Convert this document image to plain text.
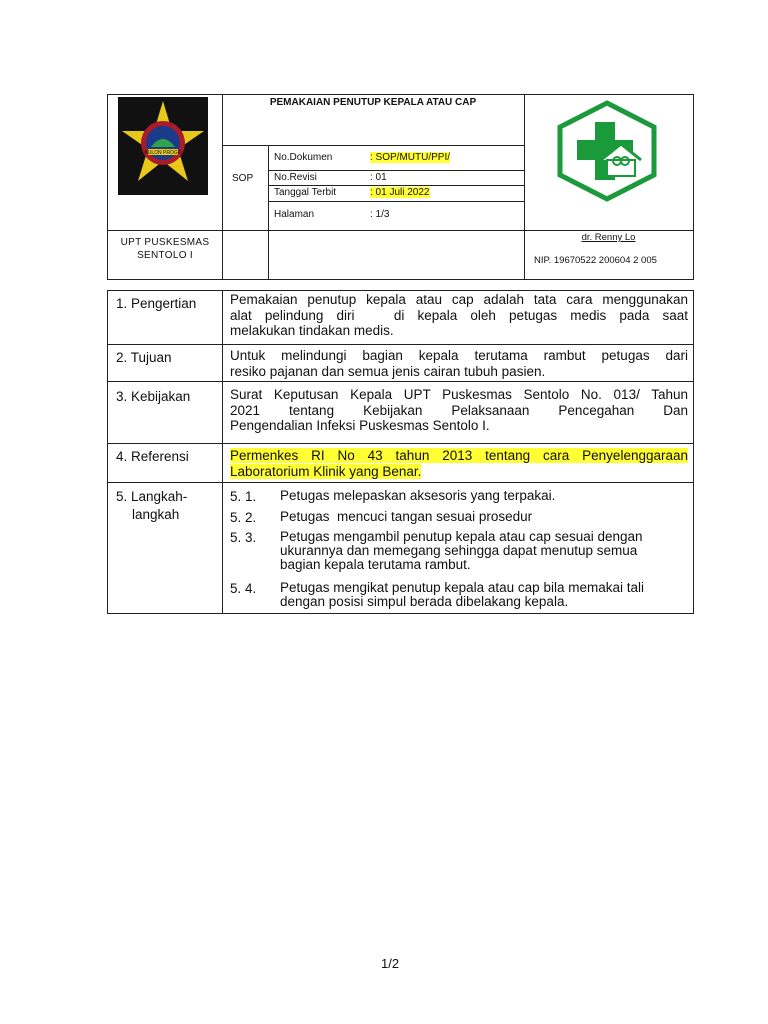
KULON PROGO
PEMAKAIAN PENUTUP KEPALA ATAU CAP
SOP
No.Dokumen	: SOP/MUTU/PPI/
No.Revisi	: 01
Tanggal Terbit	: 01 Juli 2022
Halaman	: 1/3
UPT PUSKESMAS
SENTOLO I
dr. Renny Lo
NIP. 19670522 200604 2 005
1. Pengertian Pemakaian penutup kepala atau cap adalah tata cara menggunakan
alat pelindung diri   di kepala oleh petugas medis pada saat
melakukan tindakan medis.
2. Tujuan	Untuk melindungi bagian kepala terutama rambut petugas dari
resiko pajanan dan semua jenis cairan tubuh pasien.
3. Kebijakan	Surat Keputusan Kepala UPT Puskesmas Sentolo No. 013/ Tahun
2021 tentang Kebijakan Pelaksanaan Pencegahan Dan
Pengendalian Infeksi Puskesmas Sentolo I.
4. Referensi	Permenkes RI No 43 tahun 2013 tentang cara Penyelenggaraan
Laboratorium Klinik yang Benar.
5. Langkah-
langkah
5. 1. Petugas melepaskan aksesoris yang terpakai.
5. 2. Petugas  mencuci tangan sesuai prosedur
5. 3. Petugas mengambil penutup kepala atau cap sesuai dengan
ukurannya dan memegang sehingga dapat menutup semua
bagian kepala terutama rambut.
5. 4. Petugas mengikat penutup kepala atau cap bila memakai tali
dengan posisi simpul berada dibelakang kepala.
1/2
